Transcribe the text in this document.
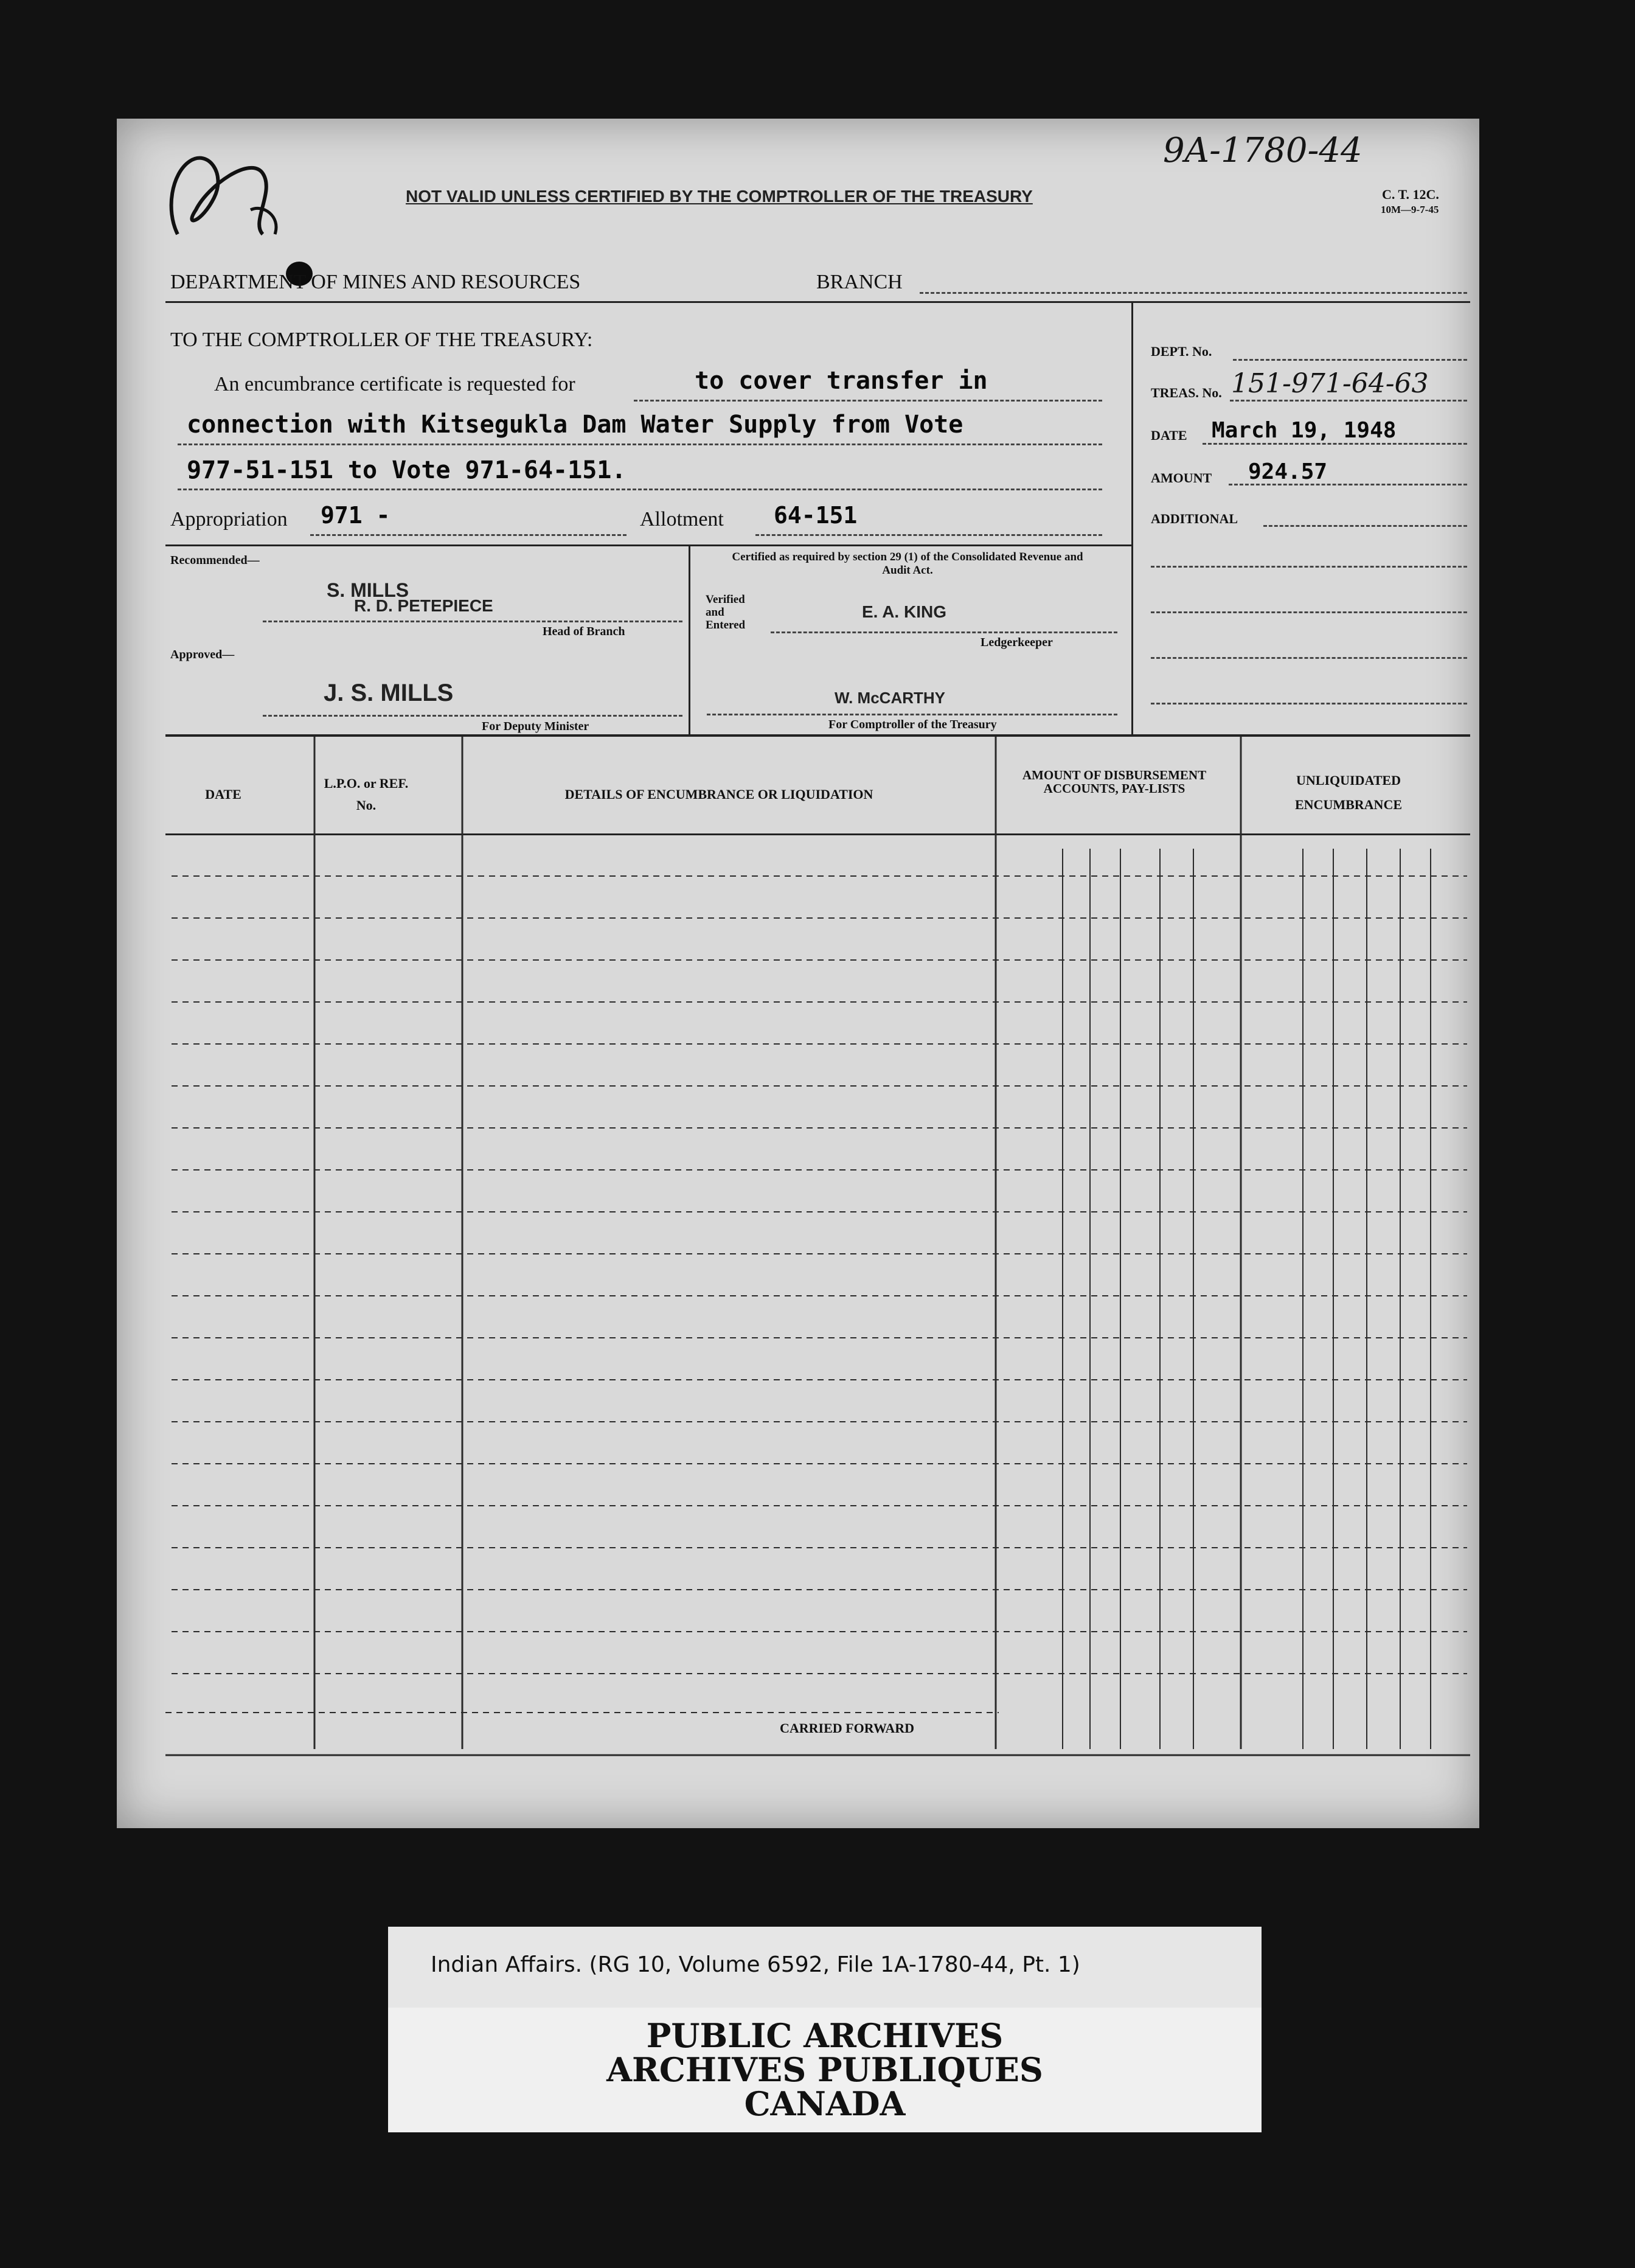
9A-1780-44
NOT VALID UNLESS CERTIFIED BY THE COMPTROLLER OF THE TREASURY	C. T. 12C.
10M—9-7-45
DEPARTMENT OF MINES AND RESOURCES	BRANCH
TO THE COMPTROLLER OF THE TREASURY:
An encumbrance certificate is requested for	to cover transfer in
connection with Kitsegukla Dam Water Supply from Vote
977-51-151 to Vote 971-64-151.
Appropriation 971 -	Allotment 64-151
DEPT. No.
TREAS. No. 151-971-64-63
DATE March 19, 1948
AMOUNT 924.57
ADDITIONAL
Recommended—
S. MILLS
R. D. PETEPIECE
Head of Branch
Approved—
J. S. MILLS
For Deputy Minister
Certified as required by section 29 (1) of the Consolidated Revenue and Audit Act.
Verified and Entered
E. A. KING
Ledgerkeeper
W. McCARTHY
For Comptroller of the Treasury
DATE
L.P.O. or REF. No.
DETAILS OF ENCUMBRANCE OR LIQUIDATION
AMOUNT OF DISBURSEMENT ACCOUNTS, PAY-LISTS
UNLIQUIDATED ENCUMBRANCE
CARRIED FORWARD
Indian Affairs. (RG 10, Volume 6592, File 1A-1780-44, Pt. 1)
PUBLIC ARCHIVES
ARCHIVES PUBLIQUES
CANADA
